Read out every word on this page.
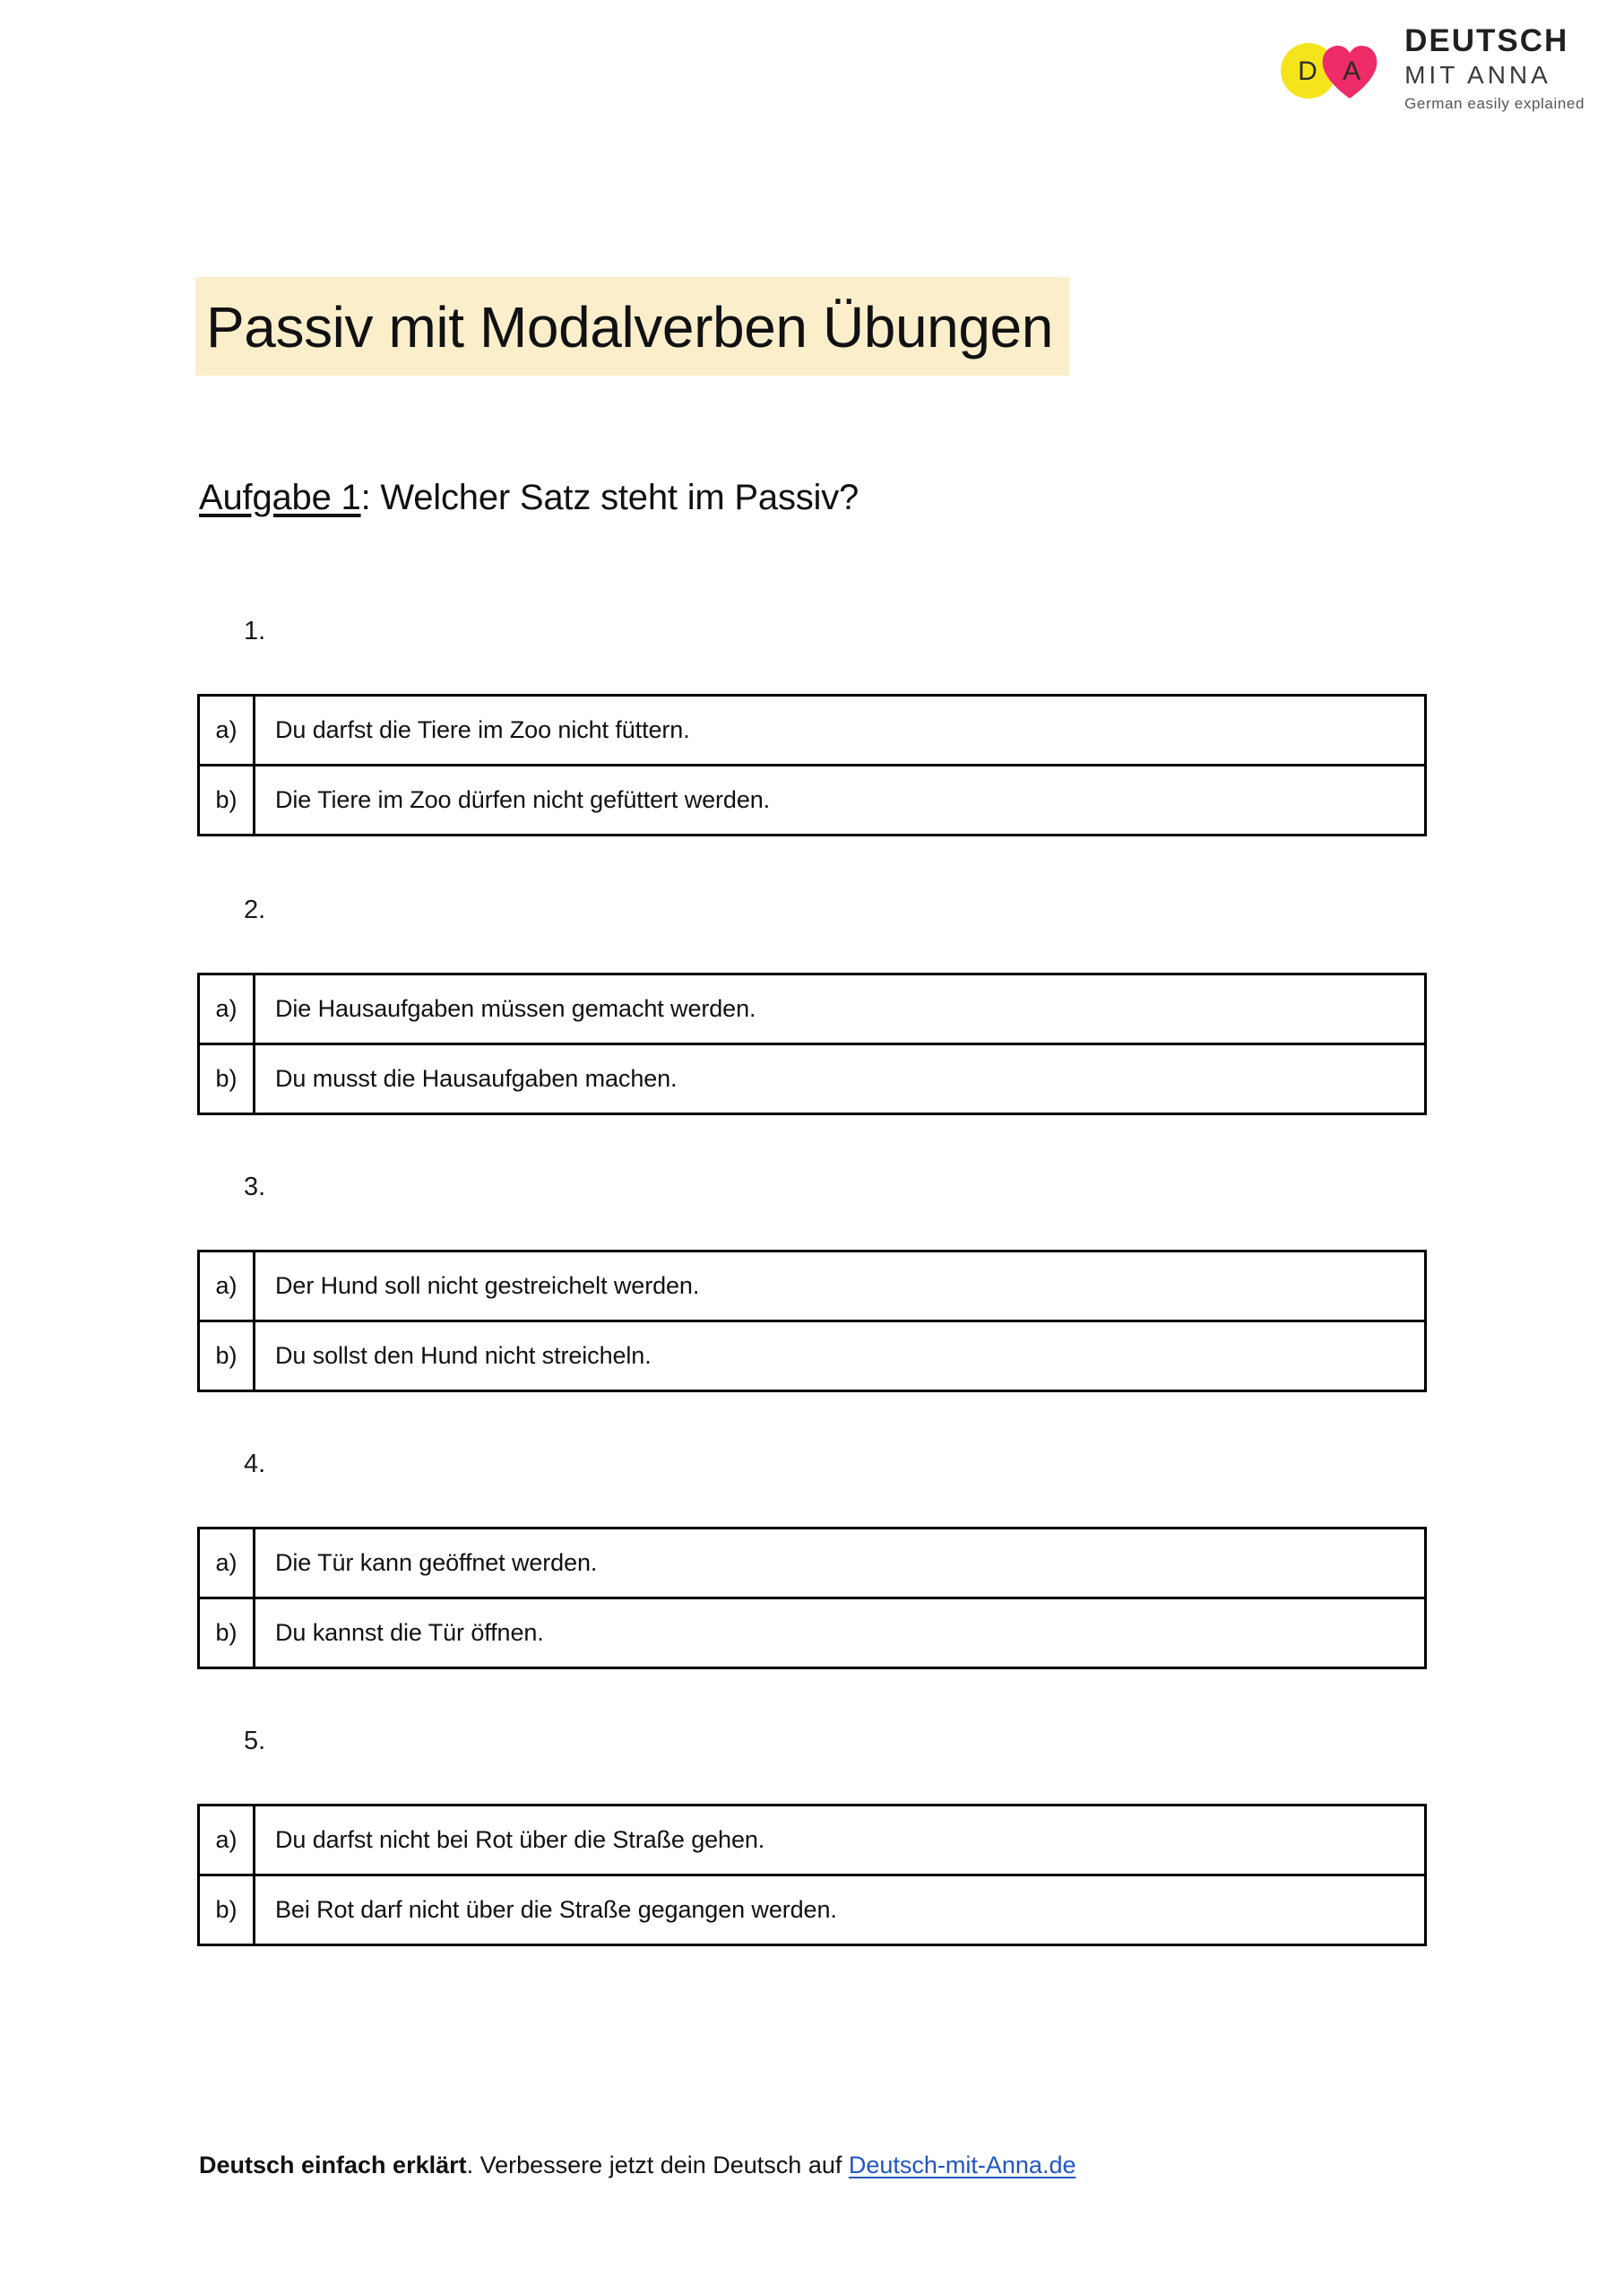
D A
DEUTSCH
MIT ANNA
German easily explained
Passiv mit Modalverben Übungen
Aufgabe 1: Welcher Satz steht im Passiv?
1.
a)	Du darfst die Tiere im Zoo nicht füttern.
b)	Die Tiere im Zoo dürfen nicht gefüttert werden.
2.
a)	Die Hausaufgaben müssen gemacht werden.
b)	Du musst die Hausaufgaben machen.
3.
a)	Der Hund soll nicht gestreichelt werden.
b)	Du sollst den Hund nicht streicheln.
4.
a)	Die Tür kann geöffnet werden.
b)	Du kannst die Tür öffnen.
5.
a)	Du darfst nicht bei Rot über die Straße gehen.
b)	Bei Rot darf nicht über die Straße gegangen werden.
Deutsch einfach erklärt. Verbessere jetzt dein Deutsch auf Deutsch-mit-Anna.de
